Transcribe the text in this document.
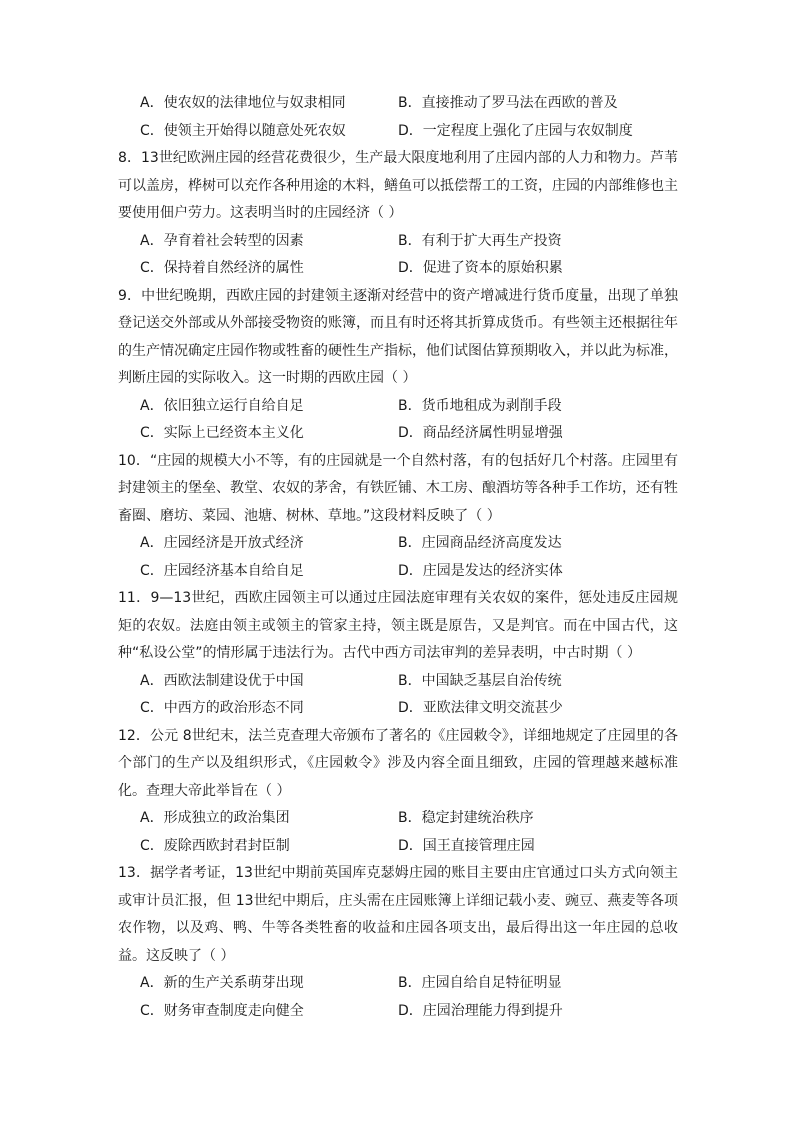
A．使农奴的法律地位与奴隶相同	B．直接推动了罗马法在西欧的普及
C．使领主开始得以随意处死农奴	D．一定程度上强化了庄园与农奴制度

8．13世纪欧洲庄园的经营花费很少，生产最大限度地利用了庄园内部的人力和物力。芦苇可以盖房，桦树可以充作各种用途的木料，鳝鱼可以抵偿帮工的工资，庄园的内部维修也主要使用佃户劳力。这表明当时的庄园经济（ ）

A．孕育着社会转型的因素	B．有利于扩大再生产投资
C．保持着自然经济的属性	D．促进了资本的原始积累

9．中世纪晚期，西欧庄园的封建领主逐渐对经营中的资产增减进行货币度量，出现了单独登记送交外部或从外部接受物资的账簿，而且有时还将其折算成货币。有些领主还根据往年的生产情况确定庄园作物或牲畜的硬性生产指标，他们试图估算预期收入，并以此为标准，判断庄园的实际收入。这一时期的西欧庄园（ ）

A．依旧独立运行自给自足	B．货币地租成为剥削手段
C．实际上已经资本主义化	D．商品经济属性明显增强

10．“庄园的规模大小不等，有的庄园就是一个自然村落，有的包括好几个村落。庄园里有封建领主的堡垒、教堂、农奴的茅舍，有铁匠铺、木工房、酿酒坊等各种手工作坊，还有牲畜圈、磨坊、菜园、池塘、树林、草地。”这段材料反映了（ ）

A．庄园经济是开放式经济	B．庄园商品经济高度发达
C．庄园经济基本自给自足	D．庄园是发达的经济实体

11．9—13世纪，西欧庄园领主可以通过庄园法庭审理有关农奴的案件，惩处违反庄园规矩的农奴。法庭由领主或领主的管家主持，领主既是原告，又是判官。而在中国古代，这种“私设公堂”的情形属于违法行为。古代中西方司法审判的差异表明，中古时期（ ）

A．西欧法制建设优于中国	B．中国缺乏基层自治传统
C．中西方的政治形态不同	D．亚欧法律文明交流甚少

12．公元 8世纪末，法兰克查理大帝颁布了著名的《庄园敕令》，详细地规定了庄园里的各个部门的生产以及组织形式，《庄园敕令》涉及内容全面且细致，庄园的管理越来越标准化。查理大帝此举旨在（ ）

A．形成独立的政治集团	B．稳定封建统治秩序
C．废除西欧封君封臣制	D．国王直接管理庄园

13．据学者考证，13世纪中期前英国库克瑟姆庄园的账目主要由庄官通过口头方式向领主或审计员汇报，但 13世纪中期后，庄头需在庄园账簿上详细记载小麦、豌豆、燕麦等各项农作物，以及鸡、鸭、牛等各类牲畜的收益和庄园各项支出，最后得出这一年庄园的总收益。这反映了（ ）

A．新的生产关系萌芽出现	B．庄园自给自足特征明显
C．财务审查制度走向健全	D．庄园治理能力得到提升
